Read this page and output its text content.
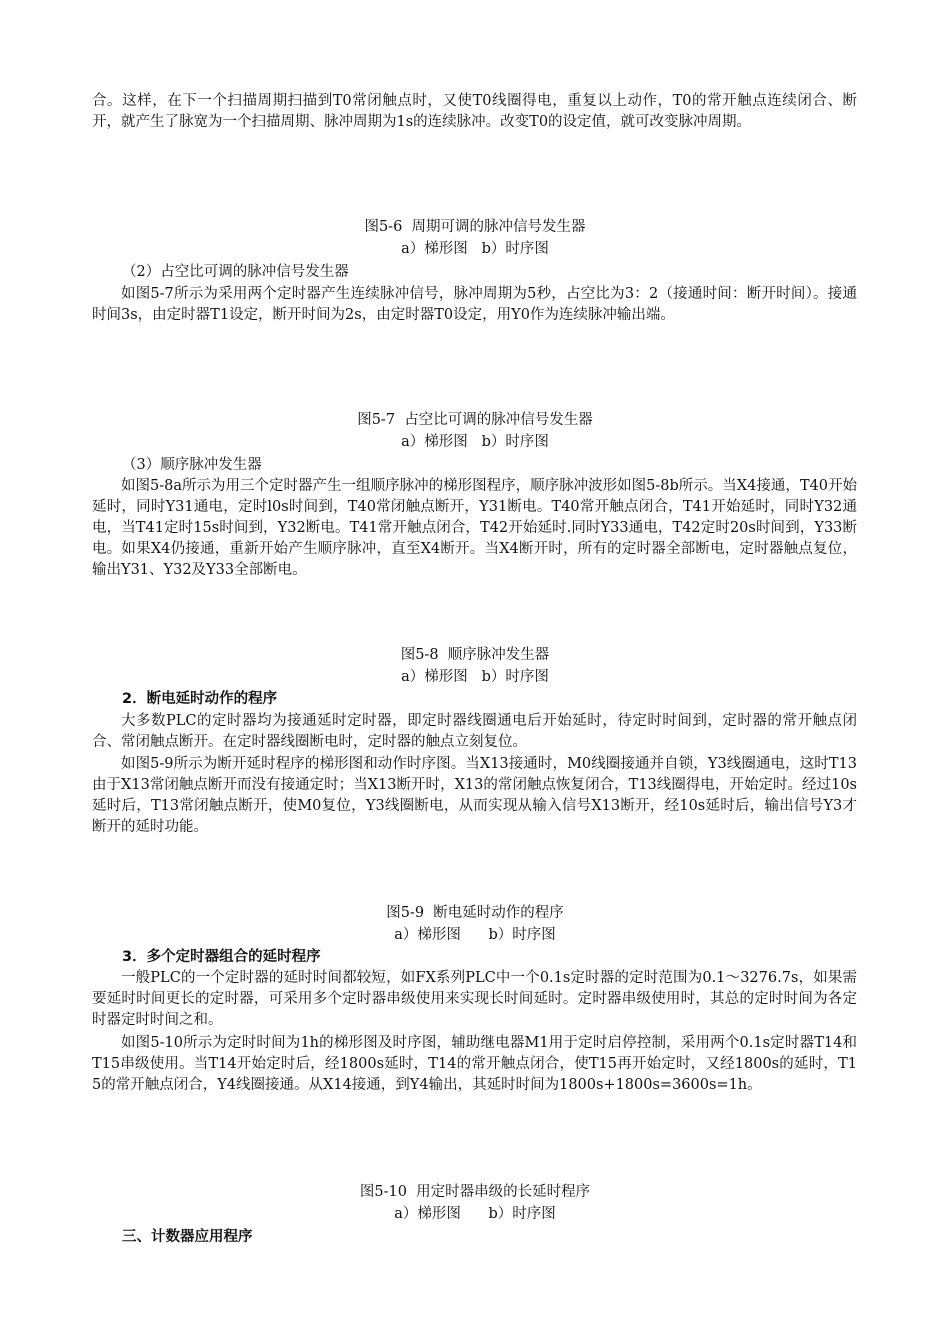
合。这样，在下一个扫描周期扫描到T0常闭触点时，又使T0线圈得电，重复以上动作，T0的常开触点连续闭合、断开，就产生了脉宽为一个扫描周期、脉冲周期为1s的连续脉冲。改变T0的设定值，就可改变脉冲周期。

图5-6  周期可调的脉冲信号发生器

a）梯形图   b）时序图

（2）占空比可调的脉冲信号发生器

如图5-7所示为采用两个定时器产生连续脉冲信号，脉冲周期为5秒，占空比为3：2（接通时间：断开时间）。接通时间3s，由定时器T1设定，断开时间为2s，由定时器T0设定，用Y0作为连续脉冲输出端。

图5-7  占空比可调的脉冲信号发生器

a）梯形图   b）时序图

（3）顺序脉冲发生器

如图5-8a所示为用三个定时器产生一组顺序脉冲的梯形图程序，顺序脉冲波形如图5-8b所示。当X4接通，T40开始延时，同时Y31通电，定时l0s时间到，T40常闭触点断开，Y31断电。T40常开触点闭合，T41开始延时，同时Y32通电，当T41定时15s时间到，Y32断电。T41常开触点闭合，T42开始延时.同时Y33通电，T42定时20s时间到，Y33断电。如果X4仍接通，重新开始产生顺序脉冲，直至X4断开。当X4断开时，所有的定时器全部断电，定时器触点复位，输出Y31、Y32及Y33全部断电。

图5-8  顺序脉冲发生器

a）梯形图   b）时序图

2．断电延时动作的程序

大多数PLC的定时器均为接通延时定时器，即定时器线圈通电后开始延时，待定时时间到，定时器的常开触点闭合、常闭触点断开。在定时器线圈断电时，定时器的触点立刻复位。

如图5-9所示为断开延时程序的梯形图和动作时序图。当X13接通时，M0线圈接通并自锁，Y3线圈通电，这时T13由于X13常闭触点断开而没有接通定时；当X13断开时，X13的常闭触点恢复闭合，T13线圈得电，开始定时。经过10s延时后，T13常闭触点断开，使M0复位，Y3线圈断电，从而实现从输入信号X13断开，经10s延时后，输出信号Y3才断开的延时功能。

图5-9  断电延时动作的程序

a）梯形图      b）时序图

3．多个定时器组合的延时程序

一般PLC的一个定时器的延时时间都较短，如FX系列PLC中一个0.1s定时器的定时范围为0.1～3276.7s，如果需要延时时间更长的定时器，可采用多个定时器串级使用来实现长时间延时。定时器串级使用时，其总的定时时间为各定时器定时时间之和。

如图5-10所示为定时时间为1h的梯形图及时序图，辅助继电器M1用于定时启停控制，采用两个0.1s定时器T14和T15串级使用。当T14开始定时后，经1800s延时，T14的常开触点闭合，使T15再开始定时，又经1800s的延时，T15的常开触点闭合，Y4线圈接通。从X14接通，到Y4输出，其延时时间为1800s+1800s=3600s=1h。

图5-10  用定时器串级的长延时程序

a）梯形图      b）时序图

三、计数器应用程序
